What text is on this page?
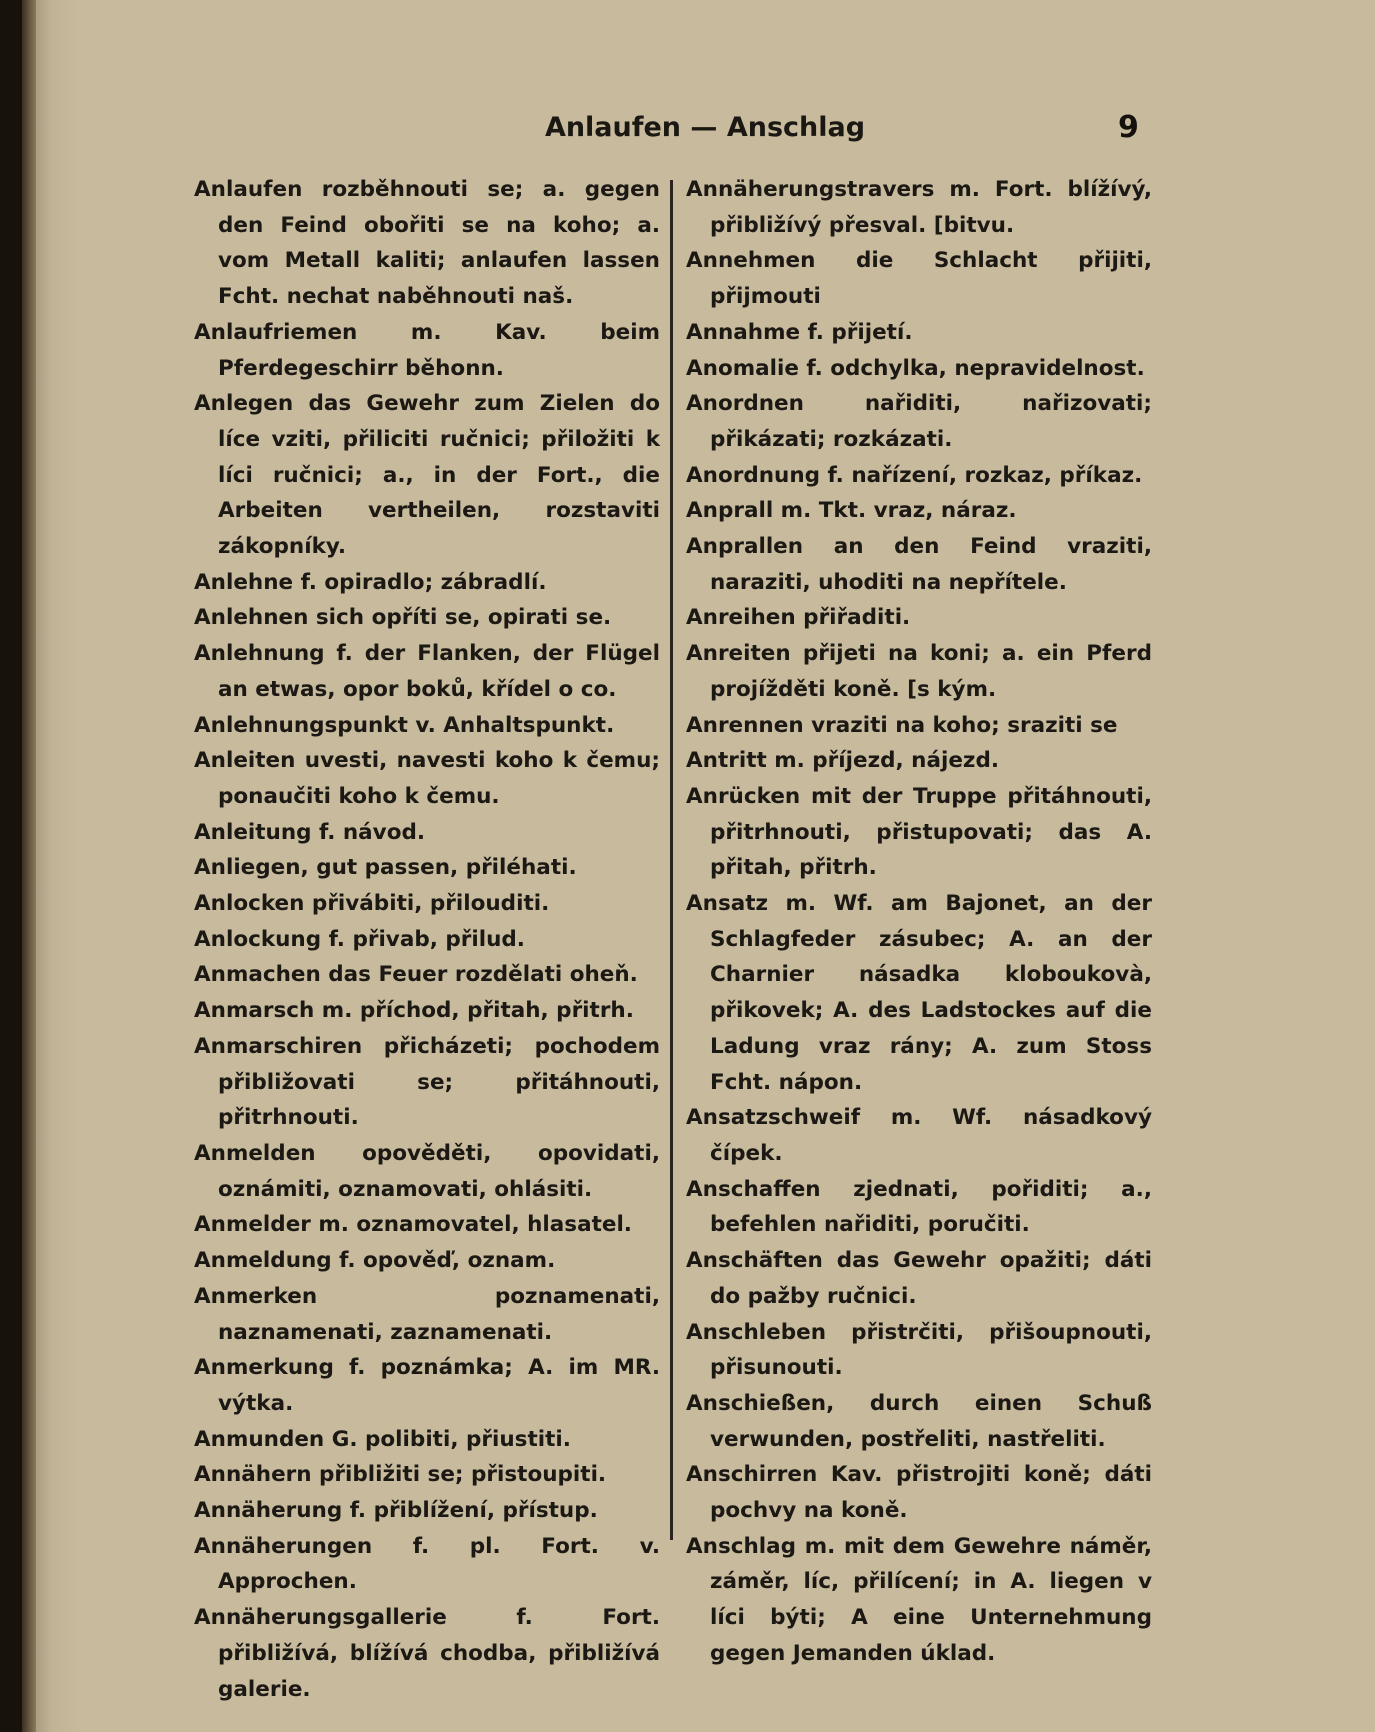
Anlaufen — Anschlag	9
Anlaufen rozběhnouti se; a. gegen den Feind obořiti se na koho; a. vom Metall kaliti; anlaufen lassen Fcht. nechat naběhnouti naš.
Anlaufriemen m. Kav. beim Pferdegeschirr běhonn.
Anlegen das Gewehr zum Zielen do líce vziti, přiliciti ručnici; přiložiti k líci ručnici; a., in der Fort., die Arbeiten vertheilen, rozstaviti zákopníky.
Anlehne f. opiradlo; zábradlí.
Anlehnen sich opříti se, opirati se.
Anlehnung f. der Flanken, der Flügel an etwas, opor boků, křídel o co.
Anlehnungspunkt v. Anhaltspunkt.
Anleiten uvesti, navesti koho k čemu; ponaučiti koho k čemu.
Anleitung f. návod.
Anliegen, gut passen, přiléhati.
Anlocken přivábiti, přilouditi.
Anlockung f. přivab, přilud.
Anmachen das Feuer rozdělati oheň.
Anmarsch m. příchod, přitah, přitrh.
Anmarschiren přicházeti; pochodem přibližovati se; přitáhnouti, přitrhnouti.
Anmelden opověděti, opovidati, oznámiti, oznamovati, ohlásiti.
Anmelder m. oznamovatel, hlasatel.
Anmeldung f. opověď, oznam.
Anmerken poznamenati, naznamenati, zaznamenati.
Anmerkung f. poznámka; A. im MR. výtka.
Anmunden G. polibiti, přiustiti.
Annähern přibližiti se; přistoupiti.
Annäherung f. přiblížení, přístup.
Annäherungen f. pl. Fort. v. Approchen.
Annäherungsgallerie f. Fort. přibližívá, blížívá chodba, přibližívá galerie.
Annäherungstravers m. Fort. blížívý, přibližívý přesval. [bitvu.
Annehmen die Schlacht přijiti, přijmouti
Annahme f. přijetí.
Anomalie f. odchylka, nepravidelnost.
Anordnen nařiditi, nařizovati; přikázati; rozkázati.
Anordnung f. nařízení, rozkaz, příkaz.
Anprall m. Tkt. vraz, náraz.
Anprallen an den Feind vraziti, naraziti, uhoditi na nepřítele.
Anreihen přiřaditi.
Anreiten přijeti na koni; a. ein Pferd projížděti koně. [s kým.
Anrennen vraziti na koho; sraziti se
Antritt m. příjezd, nájezd.
Anrücken mit der Truppe přitáhnouti, přitrhnouti, přistupovati; das A. přitah, přitrh.
Ansatz m. Wf. am Bajonet, an der Schlagfeder zásubec; A. an der Charnier násadka kloboukovà, přikovek; A. des Ladstockes auf die Ladung vraz rány; A. zum Stoss Fcht. nápon.
Ansatzschweif m. Wf. násadkový čípek.
Anschaffen zjednati, pořiditi; a., befehlen nařiditi, poručiti.
Anschäften das Gewehr opažiti; dáti do pažby ručnici.
Anschleben přistrčiti, přišoupnouti, přisunouti.
Anschießen, durch einen Schuß verwunden, postřeliti, nastřeliti.
Anschirren Kav. přistrojiti koně; dáti pochvy na koně.
Anschlag m. mit dem Gewehre náměr, záměr, líc, přilícení; in A. liegen v líci býti; A eine Unternehmung gegen Jemanden úklad.
